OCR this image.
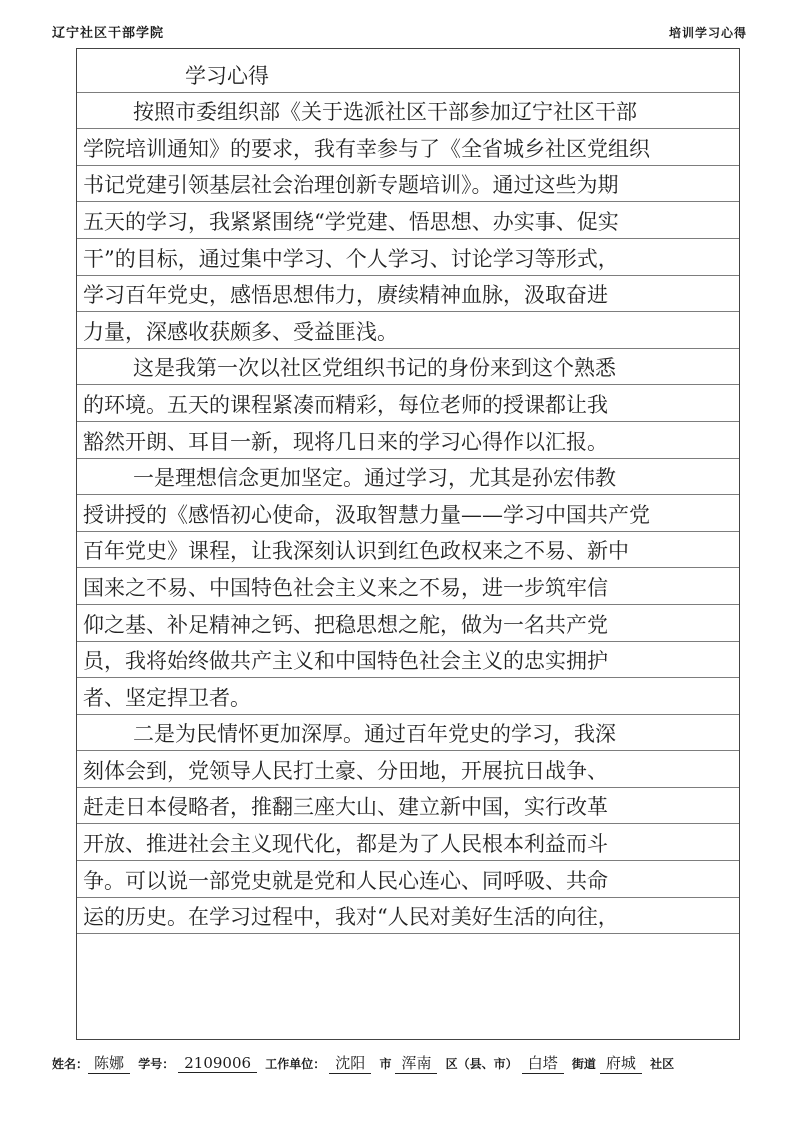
辽宁社区干部学院	培训学习心得
学习心得
按照市委组织部《关于选派社区干部参加辽宁社区干部
学院培训通知》的要求，我有幸参与了《全省城乡社区党组织
书记党建引领基层社会治理创新专题培训》。通过这些为期
五天的学习，我紧紧围绕“学党建、悟思想、办实事、促实
干”的目标，通过集中学习、个人学习、讨论学习等形式，
学习百年党史，感悟思想伟力，赓续精神血脉，汲取奋进
力量，深感收获颇多、受益匪浅。
这是我第一次以社区党组织书记的身份来到这个熟悉
的环境。五天的课程紧凑而精彩，每位老师的授课都让我
豁然开朗、耳目一新，现将几日来的学习心得作以汇报。
一是理想信念更加坚定。通过学习，尤其是孙宏伟教
授讲授的《感悟初心使命，汲取智慧力量——学习中国共产党
百年党史》课程，让我深刻认识到红色政权来之不易、新中
国来之不易、中国特色社会主义来之不易，进一步筑牢信
仰之基、补足精神之钙、把稳思想之舵，做为一名共产党
员，我将始终做共产主义和中国特色社会主义的忠实拥护
者、坚定捍卫者。
二是为民情怀更加深厚。通过百年党史的学习，我深
刻体会到，党领导人民打土豪、分田地，开展抗日战争、
赶走日本侵略者，推翻三座大山、建立新中国，实行改革
开放、推进社会主义现代化，都是为了人民根本利益而斗
争。可以说一部党史就是党和人民心连心、同呼吸、共命
运的历史。在学习过程中，我对“人民对美好生活的向往，
姓名： 陈娜 学号： 2109006 工作单位： 沈阳 市 浑南 区（县、市） 白塔 街道 府城 社区
